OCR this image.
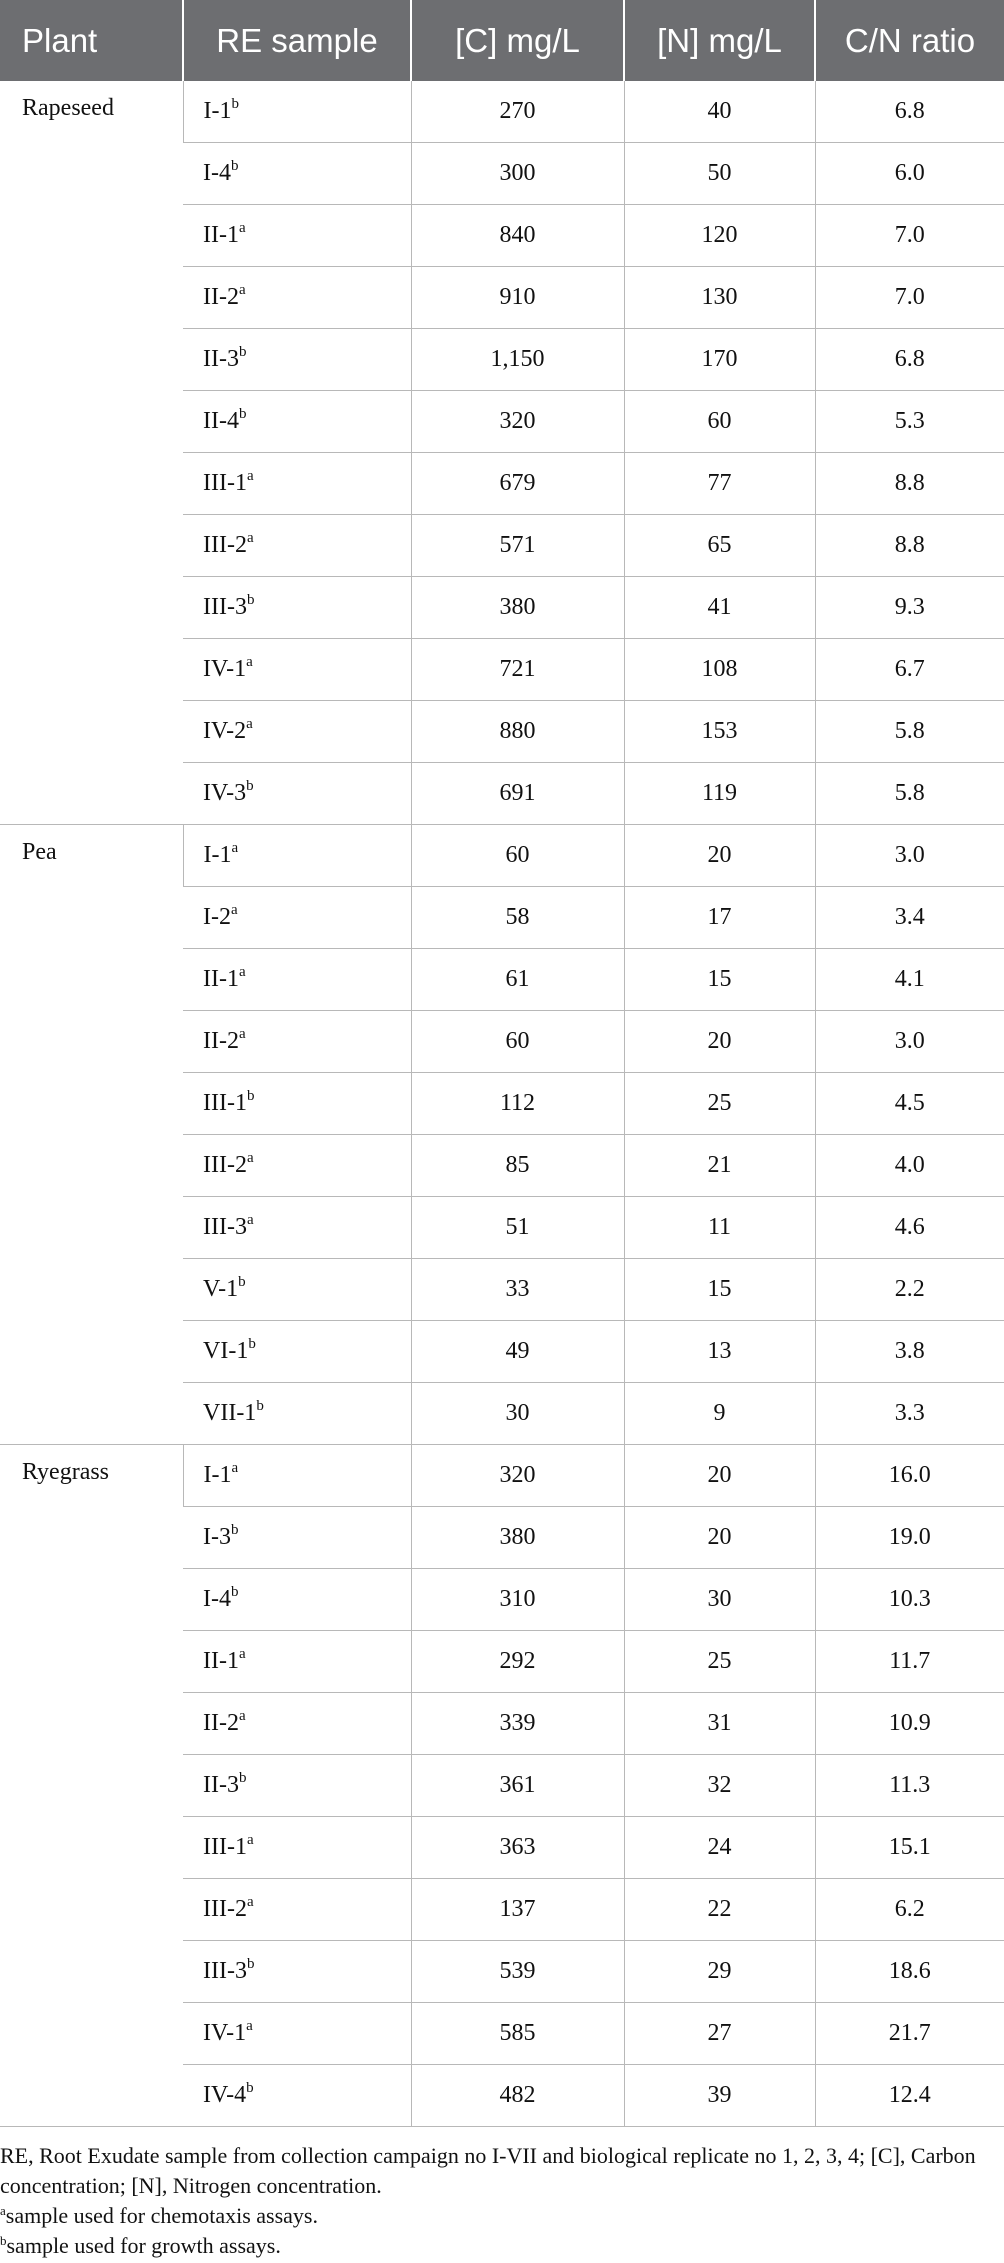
Plant	RE sample	[C] mg/L	[N] mg/L	C/N ratio
Rapeseed	I-1$^b$	270	40	6.8
	I-4$^b$	300	50	6.0
	II-1$^a$	840	120	7.0
	II-2$^a$	910	130	7.0
	II-3$^b$	1,150	170	6.8
	II-4$^b$	320	60	5.3
	III-1$^a$	679	77	8.8
	III-2$^a$	571	65	8.8
	III-3$^b$	380	41	9.3
	IV-1$^a$	721	108	6.7
	IV-2$^a$	880	153	5.8
	IV-3$^b$	691	119	5.8
Pea	I-1$^a$	60	20	3.0
	I-2$^a$	58	17	3.4
	II-1$^a$	61	15	4.1
	II-2$^a$	60	20	3.0
	III-1$^b$	112	25	4.5
	III-2$^a$	85	21	4.0
	III-3$^a$	51	11	4.6
	V-1$^b$	33	15	2.2
	VI-1$^b$	49	13	3.8
	VII-1$^b$	30	9	3.3
Ryegrass	I-1$^a$	320	20	16.0
	I-3$^b$	380	20	19.0
	I-4$^b$	310	30	10.3
	II-1$^a$	292	25	11.7
	II-2$^a$	339	31	10.9
	II-3$^b$	361	32	11.3
	III-1$^a$	363	24	15.1
	III-2$^a$	137	22	6.2
	III-3$^b$	539	29	18.6
	IV-1$^a$	585	27	21.7
	IV-4$^b$	482	39	12.4

RE, Root Exudate sample from collection campaign no I-VII and biological replicate no 1, 2, 3, 4; [C], Carbon concentration; [N], Nitrogen concentration.

$^a$sample used for chemotaxis assays.

$^b$sample used for growth assays.
